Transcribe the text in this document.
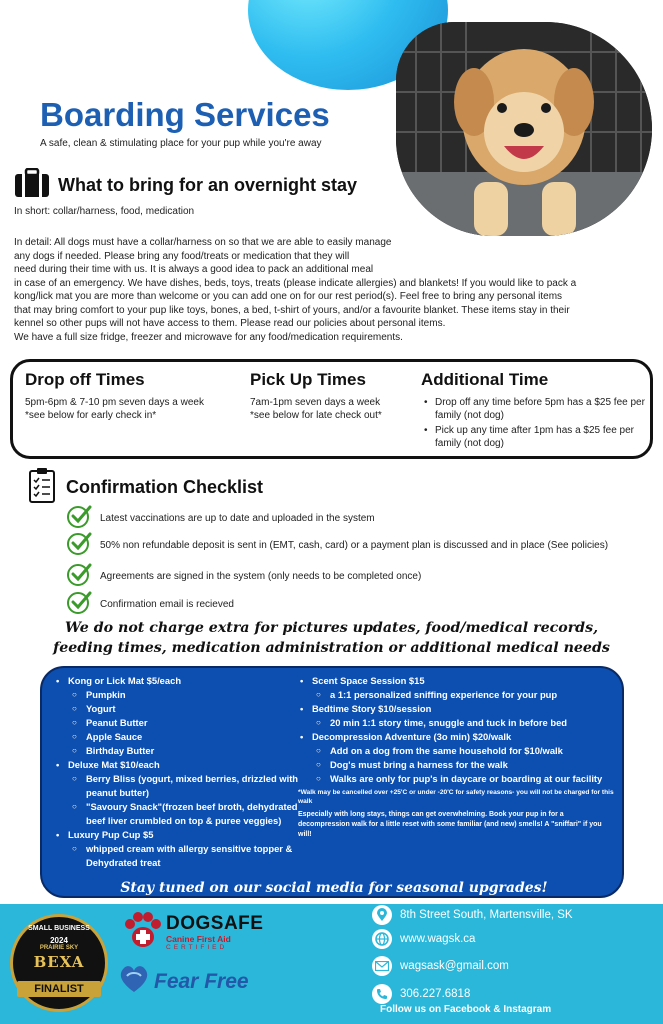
Boarding Services
A safe, clean & stimulating place for your pup while you're away
What to bring for an overnight stay
In short: collar/harness, food, medication
In detail: All dogs must have a collar/harness on so that we are able to easily manage
any dogs if needed. Please bring any food/treats or medication that they will
need during their time with us. It is always a good idea to pack an additional meal
in case of an emergency. We have dishes, beds, toys, treats (please indicate allergies) and blankets! If you would like to pack a
kong/lick mat you are more than welcome or you can add one on for our rest period(s). Feel free to bring any personal items
that may bring comfort to your pup like toys, bones, a bed, t-shirt of yours, and/or a favourite blanket. These items stay in their
kennel so other pups will not have access to them. Please read our policies about personal items.
We have a full size fridge, freezer and microwave for any food/medication requirements.
Drop off Times
5pm-6pm & 7-10 pm seven days a week
*see below for early check in*
Pick Up Times
7am-1pm seven days a week
*see below for late check out*
Additional Time
• Drop off any time before 5pm has a $25 fee per family (not dog)
• Pick up any time after 1pm has a $25 fee per family (not dog)
Confirmation Checklist
Latest vaccinations are up to date and uploaded in the system
50% non refundable deposit is sent in (EMT, cash, card) or a payment plan is discussed and in place (See policies)
Agreements are signed in the system (only needs to be completed once)
Confirmation email is recieved
We do not charge extra for pictures updates, food/medical records,
feeding times, medication administration or additional medical needs
• Kong or Lick Mat $5/each
○ Pumpkin
○ Yogurt
○ Peanut Butter
○ Apple Sauce
○ Birthday Butter
• Deluxe Mat $10/each
○ Berry Bliss (yogurt, mixed berries, drizzled with peanut butter)
○ "Savoury Snack"(frozen beef broth, dehydrated beef liver crumbled on top & puree veggies)
• Luxury Pup Cup $5
○ whipped cream with allergy sensitive topper & Dehydrated treat
• Scent Space Session $15
○ a 1:1 personalized sniffing experience for your pup
• Bedtime Story $10/session
○ 20 min 1:1 story time, snuggle and tuck in before bed
• Decompression Adventure (3o min) $20/walk
○ Add on a dog from the same household for $10/walk
○ Dog's must bring a harness for the walk
○ Walks are only for pup's in daycare or boarding at our facility
*Walk may be cancelled over +25'C or under -20'C for safety reasons- you will not be charged for this walk
Especially with long stays, things can get overwhelming. Book your pup in for a decompression walk for a little reset with some familiar (and new) smells! A "sniffari" if you will!
Stay tuned on our social media for seasonal upgrades!
SMALL BUSINESS
2024
PRAIRIE SKY
BEXA
FINALIST
DOGSAFE
Canine First Aid
CERTIFIED
Fear Free
8th Street South, Martensville, SK
www.wagsk.ca
wagsask@gmail.com
306.227.6818
Follow us on Facebook & Instagram
